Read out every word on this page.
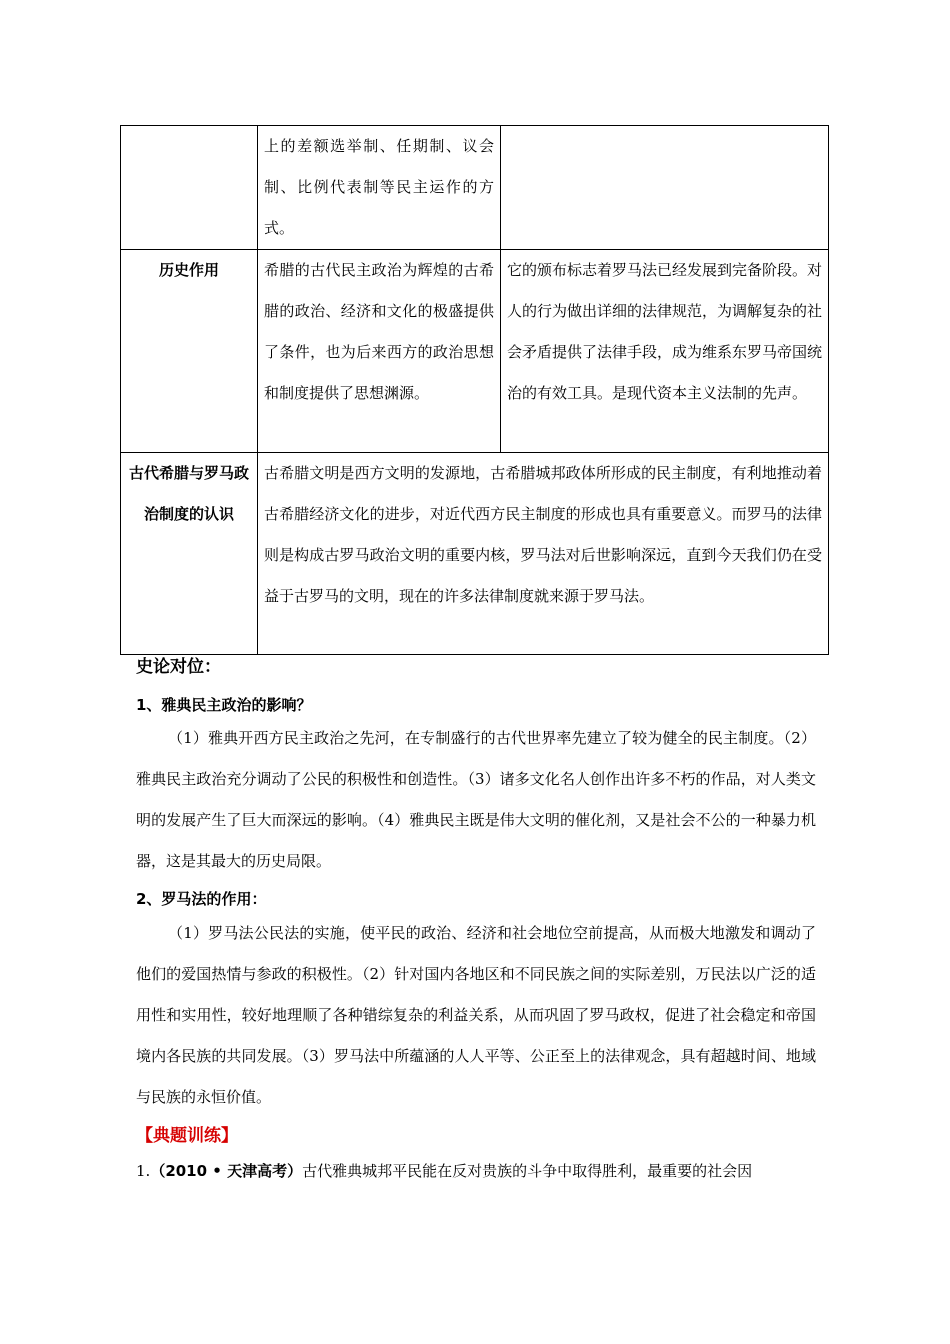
	上的差额选举制、任期制、议会制、比例代表制等民主运作的方式。	
历史作用	希腊的古代民主政治为辉煌的古希腊的政治、经济和文化的极盛提供了条件，也为后来西方的政治思想和制度提供了思想渊源。	它的颁布标志着罗马法已经发展到完备阶段。对人的行为做出详细的法律规范，为调解复杂的社会矛盾提供了法律手段，成为维系东罗马帝国统治的有效工具。是现代资本主义法制的先声。
古代希腊与罗马政治制度的认识	古希腊文明是西方文明的发源地，古希腊城邦政体所形成的民主制度，有利地推动着古希腊经济文化的进步，对近代西方民主制度的形成也具有重要意义。而罗马的法律则是构成古罗马政治文明的重要内核，罗马法对后世影响深远，直到今天我们仍在受益于古罗马的文明，现在的许多法律制度就来源于罗马法。	
史论对位：
1、雅典民主政治的影响？
（1）雅典开西方民主政治之先河，在专制盛行的古代世界率先建立了较为健全的民主制度。（2）雅典民主政治充分调动了公民的积极性和创造性。（3）诸多文化名人创作出许多不朽的作品，对人类文明的发展产生了巨大而深远的影响。（4）雅典民主既是伟大文明的催化剂，又是社会不公的一种暴力机器，这是其最大的历史局限。
2、罗马法的作用：
（1）罗马法公民法的实施，使平民的政治、经济和社会地位空前提高，从而极大地激发和调动了他们的爱国热情与参政的积极性。（2）针对国内各地区和不同民族之间的实际差别，万民法以广泛的适用性和实用性，较好地理顺了各种错综复杂的利益关系，从而巩固了罗马政权，促进了社会稳定和帝国境内各民族的共同发展。（3）罗马法中所蕴涵的人人平等、公正至上的法律观念，具有超越时间、地域与民族的永恒价值。
【典题训练】
1.（2010 • 天津高考）古代雅典城邦平民能在反对贵族的斗争中取得胜利，最重要的社会因
